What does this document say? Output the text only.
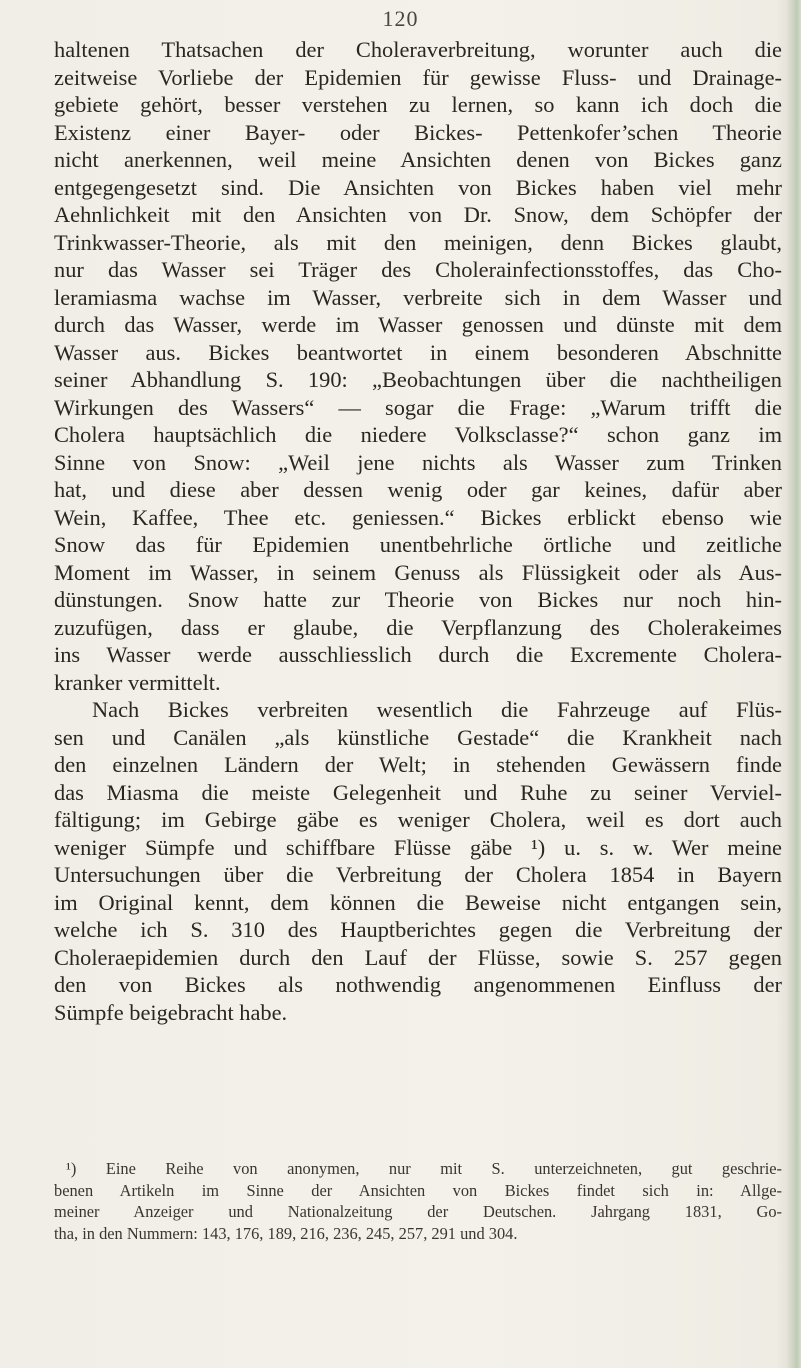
120
haltenen Thatsachen der Choleraverbreitung, worunter auch die
zeitweise Vorliebe der Epidemien für gewisse Fluss- und Drainage-
gebiete gehört, besser verstehen zu lernen, so kann ich doch die
Existenz einer Bayer- oder Bickes- Pettenkofer’schen Theorie
nicht anerkennen, weil meine Ansichten denen von Bickes ganz
entgegengesetzt sind. Die Ansichten von Bickes haben viel mehr
Aehnlichkeit mit den Ansichten von Dr. Snow, dem Schöpfer der
Trinkwasser-Theorie, als mit den meinigen, denn Bickes glaubt,
nur das Wasser sei Träger des Cholerainfectionsstoffes, das Cho-
leramiasma wachse im Wasser, verbreite sich in dem Wasser und
durch das Wasser, werde im Wasser genossen und dünste mit dem
Wasser aus. Bickes beantwortet in einem besonderen Abschnitte
seiner Abhandlung S. 190: „Beobachtungen über die nachtheiligen
Wirkungen des Wassers“ — sogar die Frage: „Warum trifft die
Cholera hauptsächlich die niedere Volksclasse?“ schon ganz im
Sinne von Snow: „Weil jene nichts als Wasser zum Trinken
hat, und diese aber dessen wenig oder gar keines, dafür aber
Wein, Kaffee, Thee etc. geniessen.“ Bickes erblickt ebenso wie
Snow das für Epidemien unentbehrliche örtliche und zeitliche
Moment im Wasser, in seinem Genuss als Flüssigkeit oder als Aus-
dünstungen. Snow hatte zur Theorie von Bickes nur noch hin-
zuzufügen, dass er glaube, die Verpflanzung des Cholerakeimes
ins Wasser werde ausschliesslich durch die Excremente Cholera-
kranker vermittelt.
Nach Bickes verbreiten wesentlich die Fahrzeuge auf Flüs-
sen und Canälen „als künstliche Gestade“ die Krankheit nach
den einzelnen Ländern der Welt; in stehenden Gewässern finde
das Miasma die meiste Gelegenheit und Ruhe zu seiner Verviel-
fältigung; im Gebirge gäbe es weniger Cholera, weil es dort auch
weniger Sümpfe und schiffbare Flüsse gäbe ¹) u. s. w. Wer meine
Untersuchungen über die Verbreitung der Cholera 1854 in Bayern
im Original kennt, dem können die Beweise nicht entgangen sein,
welche ich S. 310 des Hauptberichtes gegen die Verbreitung der
Choleraepidemien durch den Lauf der Flüsse, sowie S. 257 gegen
den von Bickes als nothwendig angenommenen Einfluss der
Sümpfe beigebracht habe.
¹) Eine Reihe von anonymen, nur mit S. unterzeichneten, gut geschrie-
benen Artikeln im Sinne der Ansichten von Bickes findet sich in: Allge-
meiner Anzeiger und Nationalzeitung der Deutschen. Jahrgang 1831, Go-
tha, in den Nummern: 143, 176, 189, 216, 236, 245, 257, 291 und 304.
